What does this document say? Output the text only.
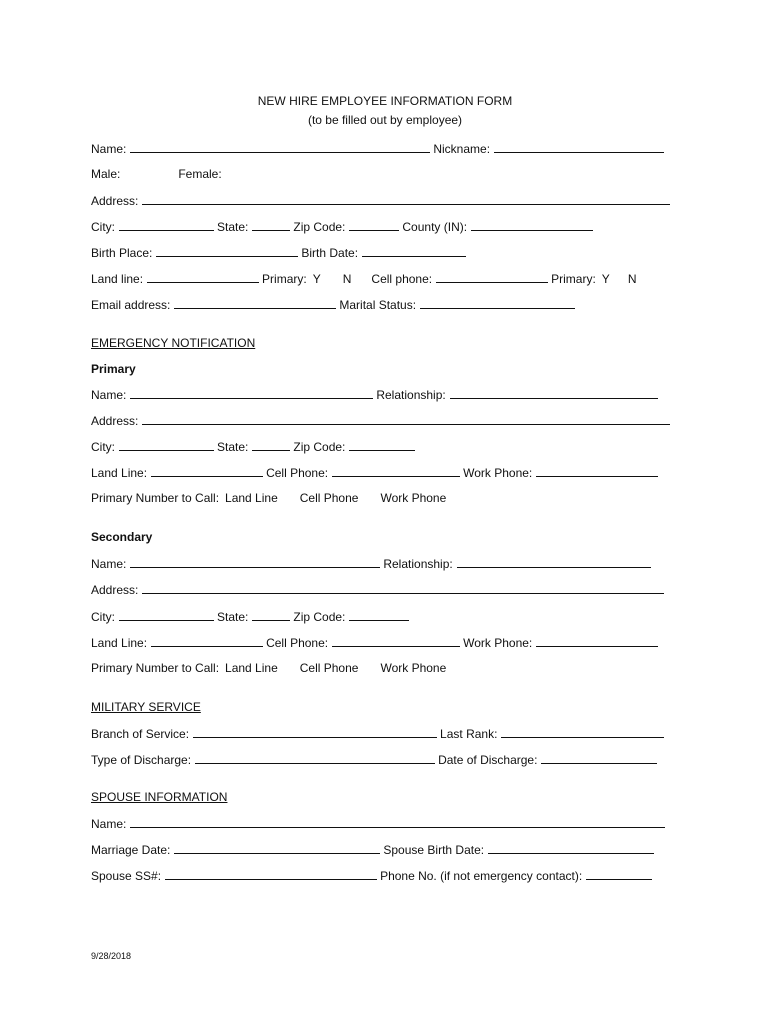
NEW HIRE EMPLOYEE INFORMATION FORM
(to be filled out by employee)
Name:	Nickname:
Male:	Female:
Address:
City:	State:	Zip Code:	County (IN):
Birth Place:	Birth Date:
Land line:	Primary: Y N Cell phone:	Primary: Y N
Email address:	Marital Status:
EMERGENCY NOTIFICATION
Primary
Name:	Relationship:
Address:
City:	State:	Zip Code:
Land Line:	Cell Phone:	Work Phone:
Primary Number to Call: Land Line Cell Phone Work Phone
Secondary
Name:	Relationship:
Address:
City:	State:	Zip Code:
Land Line:	Cell Phone:	Work Phone:
Primary Number to Call: Land Line Cell Phone Work Phone
MILITARY SERVICE
Branch of Service:	Last Rank:
Type of Discharge:	Date of Discharge:
SPOUSE INFORMATION
Name:
Marriage Date:	Spouse Birth Date:
Spouse SS#:	Phone No. (if not emergency contact):
9/28/2018
